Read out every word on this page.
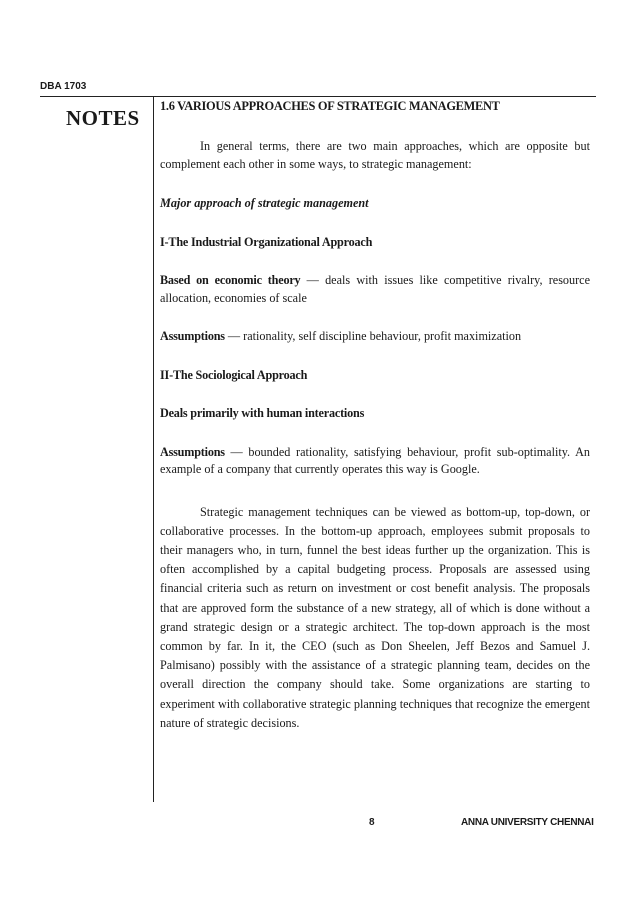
DBA 1703
NOTES 1.6 VARIOUS APPROACHES OF STRATEGIC MANAGEMENT

In general terms, there are two main approaches, which are opposite but complement each other in some ways, to strategic management:

Major approach of strategic management

I-The Industrial Organizational Approach

Based on economic theory — deals with issues like competitive rivalry, resource allocation, economies of scale

Assumptions — rationality, self discipline behaviour, profit maximization

II-The Sociological Approach

Deals primarily with human interactions

Assumptions — bounded rationality, satisfying behaviour, profit sub-optimality. An example of a company that currently operates this way is Google.

Strategic management techniques can be viewed as bottom-up, top-down, or collaborative processes. In the bottom-up approach, employees submit proposals to their managers who, in turn, funnel the best ideas further up the organization. This is often accomplished by a capital budgeting process. Proposals are assessed using financial criteria such as return on investment or cost benefit analysis. The proposals that are approved form the substance of a new strategy, all of which is done without a grand strategic design or a strategic architect. The top-down approach is the most common by far. In it, the CEO (such as Don Sheelen, Jeff Bezos and Samuel J. Palmisano) possibly with the assistance of a strategic planning team, decides on the overall direction the company should take. Some organizations are starting to experiment with collaborative strategic planning techniques that recognize the emergent nature of strategic decisions.

8	ANNA UNIVERSITY CHENNAI
